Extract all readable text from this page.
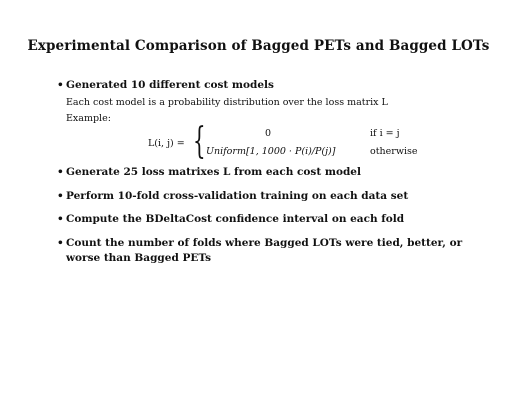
Experimental Comparison of Bagged PETs and Bagged LOTs
• Generated 10 different cost models
Each cost model is a probability distribution over the loss matrix L
Example:
L(i, j) = {	0	if i = j
Uniform[1, 1000 · P(i)/P(j)]	otherwise
• Generate 25 loss matrixes L from each cost model
• Perform 10-fold cross-validation training on each data set
• Compute the BDeltaCost confidence interval on each fold
• Count the number of folds where Bagged LOTs were tied, better, or worse than Bagged PETs
